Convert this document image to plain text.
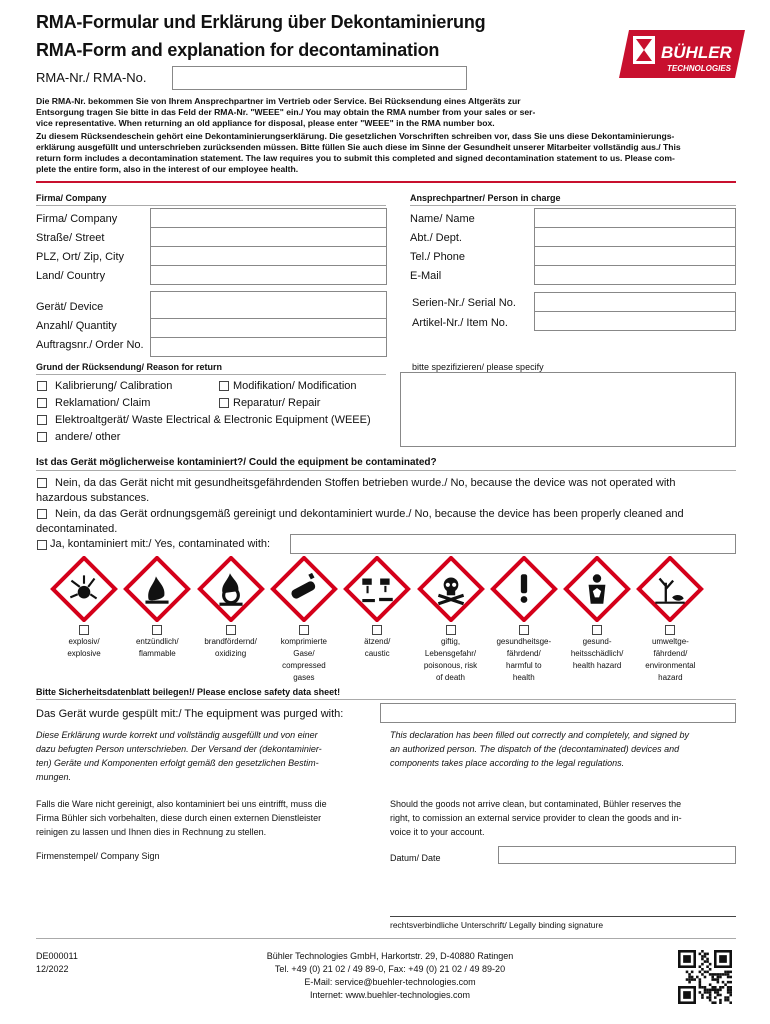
RMA-Formular und Erklärung über Dekontaminierung
RMA-Form and explanation for decontamination
RMA-Nr./ RMA-No.
BÜHLER
TECHNOLOGIES
Die RMA-Nr. bekommen Sie von Ihrem Ansprechpartner im Vertrieb oder Service. Bei Rücksendung eines Altgeräts zur
Entsorgung tragen Sie bitte in das Feld der RMA-Nr. "WEEE" ein./ You may obtain the RMA number from your sales or ser-
vice representative. When returning an old appliance for disposal, please enter "WEEE" in the RMA number box.
Zu diesem Rücksendeschein gehört eine Dekontaminierungserklärung. Die gesetzlichen Vorschriften schreiben vor, dass Sie uns diese Dekontaminierungs-
erklärung ausgefüllt und unterschrieben zurücksenden müssen. Bitte füllen Sie auch diese im Sinne der Gesundheit unserer Mitarbeiter vollständig aus./ This
return form includes a decontamination statement. The law requires you to submit this completed and signed decontamination statement to us. Please com-
plete the entire form, also in the interest of our employee health.
Firma/ Company	Ansprechpartner/ Person in charge
Firma/ Company
Straße/ Street
PLZ, Ort/ Zip, City
Land/ Country
Name/ Name
Abt./ Dept.
Tel./ Phone
E-Mail
Gerät/ Device
Anzahl/ Quantity
Auftragsnr./ Order No.
Serien-Nr./ Serial No.
Artikel-Nr./ Item No.
Grund der Rücksendung/ Reason for return	bitte spezifizieren/ please specify
Kalibrierung/ Calibration	Modifikation/ Modification
Reklamation/ Claim	Reparatur/ Repair
Elektroaltgerät/ Waste Electrical & Electronic Equipment (WEEE)
andere/ other
Ist das Gerät möglicherweise kontaminiert?/ Could the equipment be contaminated?
Nein, da das Gerät nicht mit gesundheitsgefährdenden Stoffen betrieben wurde./ No, because the device was not operated with
hazardous substances.
Nein, da das Gerät ordnungsgemäß gereinigt und dekontaminiert wurde./ No, because the device has been properly cleaned and
decontaminated.
Ja, kontaminiert mit:/ Yes, contaminated with:
explosiv/
explosive
entzündlich/
flammable
brandfördernd/
oxidizing
komprimierte
Gase/
compressed
gases
ätzend/
caustic
giftig,
Lebensgefahr/
poisonous, risk
of death
gesundheitsge-
fährdend/
harmful to
health
gesund-
heitsschädlich/
health hazard
umweltge-
fährdend/
environmental
hazard
Bitte Sicherheitsdatenblatt beilegen!/ Please enclose safety data sheet!
Das Gerät wurde gespült mit:/ The equipment was purged with:
Diese Erklärung wurde korrekt und vollständig ausgefüllt und von einer
dazu befugten Person unterschrieben. Der Versand der (dekontaminier-
ten) Geräte und Komponenten erfolgt gemäß den gesetzlichen Bestim-
mungen.
This declaration has been filled out correctly and completely, and signed by
an authorized person. The dispatch of the (decontaminated) devices and
components takes place according to the legal regulations.
Falls die Ware nicht gereinigt, also kontaminiert bei uns eintrifft, muss die
Firma Bühler sich vorbehalten, diese durch einen externen Dienstleister
reinigen zu lassen und Ihnen dies in Rechnung zu stellen.
Should the goods not arrive clean, but contaminated, Bühler reserves the
right, to comission an external service provider to clean the goods and in-
voice it to your account.
Firmenstempel/ Company Sign	Datum/ Date
rechtsverbindliche Unterschrift/ Legally binding signature
DE000011
12/2022
Bühler Technologies GmbH, Harkortstr. 29, D-40880 Ratingen
Tel. +49 (0) 21 02 / 49 89-0, Fax: +49 (0) 21 02 / 49 89-20
E-Mail: service@buehler-technologies.com
Internet: www.buehler-technologies.com
